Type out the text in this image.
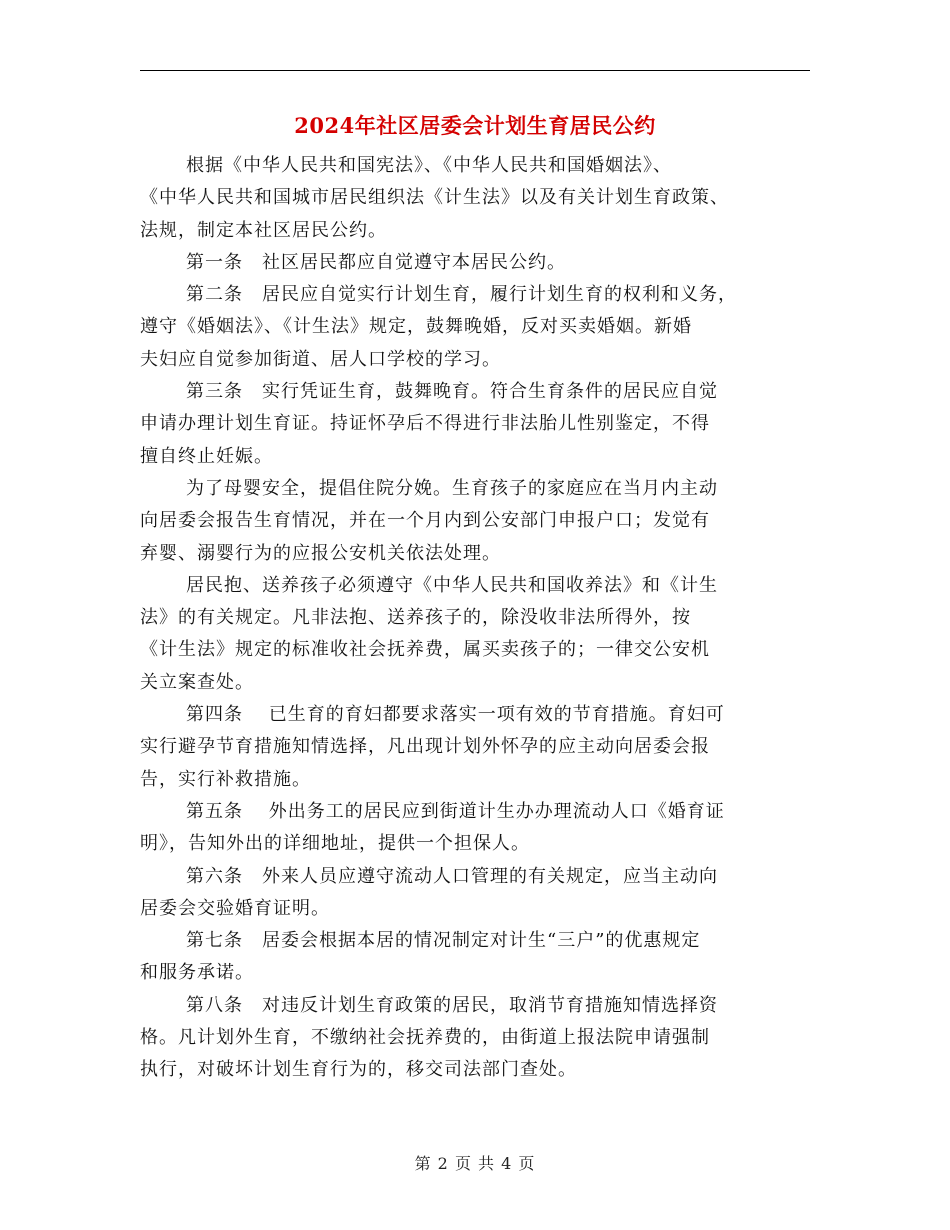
2024年社区居委会计划生育居民公约

根据《中华人民共和国宪法》、《中华人民共和国婚姻法》、
《中华人民共和国城市居民组织法《计生法》以及有关计划生育政策、
法规，制定本社区居民公约。

第一条　社区居民都应自觉遵守本居民公约。

第二条　居民应自觉实行计划生育，履行计划生育的权利和义务，
遵守《婚姻法》、《计生法》规定，鼓舞晚婚，反对买卖婚姻。新婚
夫妇应自觉参加街道、居人口学校的学习。

第三条　实行凭证生育，鼓舞晚育。符合生育条件的居民应自觉
申请办理计划生育证。持证怀孕后不得进行非法胎儿性别鉴定，不得
擅自终止妊娠。

为了母婴安全，提倡住院分娩。生育孩子的家庭应在当月内主动
向居委会报告生育情况，并在一个月内到公安部门申报户口；发觉有
弃婴、溺婴行为的应报公安机关依法处理。

居民抱、送养孩子必须遵守《中华人民共和国收养法》和《计生
法》的有关规定。凡非法抱、送养孩子的，除没收非法所得外，按
《计生法》规定的标准收社会抚养费，属买卖孩子的；一律交公安机
关立案查处。

第四条　 已生育的育妇都要求落实一项有效的节育措施。育妇可
实行避孕节育措施知情选择，凡出现计划外怀孕的应主动向居委会报
告，实行补救措施。

第五条　 外出务工的居民应到街道计生办办理流动人口《婚育证
明》，告知外出的详细地址，提供一个担保人。

第六条　外来人员应遵守流动人口管理的有关规定，应当主动向
居委会交验婚育证明。

第七条　居委会根据本居的情况制定对计生“三户”的优惠规定
和服务承诺。

第八条　对违反计划生育政策的居民，取消节育措施知情选择资
格。凡计划外生育，不缴纳社会抚养费的，由街道上报法院申请强制
执行，对破坏计划生育行为的，移交司法部门查处。

第 2 页 共 4 页
